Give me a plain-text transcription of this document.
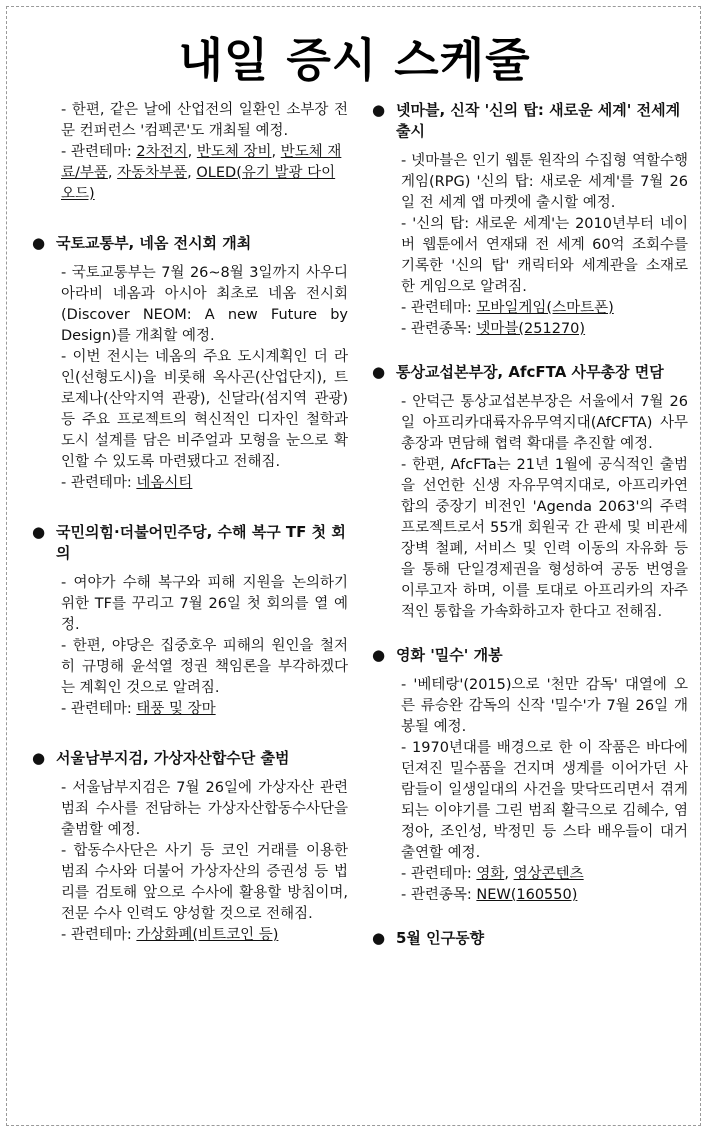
내일 증시 스케줄
- 한편, 같은 날에 산업전의 일환인 소부장 전문 컨퍼런스 '컴펙콘'도 개최될 예정.
- 관련테마: 2차전지, 반도체 장비, 반도체 재료/부품, 자동차부품, OLED(유기 발광 다이오드)
● 국토교통부, 네옴 전시회 개최
- 국토교통부는 7월 26~8월 3일까지 사우디아라비 네옴과 아시아 최초로 네옴 전시회(Discover NEOM: A new Future by Design)를 개최할 예정.
- 이번 전시는 네옴의 주요 도시계획인 더 라인(선형도시)을 비롯해 옥사곤(산업단지), 트로제나(산악지역 관광), 신달라(섬지역 관광) 등 주요 프로젝트의 혁신적인 디자인 철학과 도시 설계를 담은 비주얼과 모형을 눈으로 확인할 수 있도록 마련됐다고 전해짐.
- 관련테마: 네옴시티
● 국민의힘·더불어민주당, 수해 복구 TF 첫 회의
- 여야가 수해 복구와 피해 지원을 논의하기 위한 TF를 꾸리고 7월 26일 첫 회의를 열 예정.
- 한편, 야당은 집중호우 피해의 원인을 철저히 규명해 윤석열 정권 책임론을 부각하겠다는 계획인 것으로 알려짐.
- 관련테마: 태풍 및 장마
● 서울남부지검, 가상자산합수단 출범
- 서울남부지검은 7월 26일에 가상자산 관련 범죄 수사를 전담하는 가상자산합동수사단을 출범할 예정.
- 합동수사단은 사기 등 코인 거래를 이용한 범죄 수사와 더불어 가상자산의 증권성 등 법리를 검토해 앞으로 수사에 활용할 방침이며, 전문 수사 인력도 양성할 것으로 전해짐.
- 관련테마: 가상화폐(비트코인 등)
● 넷마블, 신작 '신의 탑: 새로운 세계' 전세계 출시
- 넷마블은 인기 웹툰 원작의 수집형 역할수행게임(RPG) '신의 탑: 새로운 세계'를 7월 26일 전 세계 앱 마켓에 출시할 예정.
- '신의 탑: 새로운 세계'는 2010년부터 네이버 웹툰에서 연재돼 전 세계 60억 조회수를 기록한 '신의 탑' 캐릭터와 세계관을 소재로 한 게임으로 알려짐.
- 관련테마: 모바일게임(스마트폰)
- 관련종목: 넷마블(251270)
● 통상교섭본부장, AfcFTA 사무총장 면담
- 안덕근 통상교섭본부장은 서울에서 7월 26일 아프리카대륙자유무역지대(AfCFTA) 사무총장과 면담해 협력 확대를 추진할 예정.
- 한편, AfcFTa는 21년 1월에 공식적인 출범을 선언한 신생 자유무역지대로, 아프리카연합의 중장기 비전인 'Agenda 2063'의 주력 프로젝트로서 55개 회원국 간 관세 및 비관세장벽 철폐, 서비스 및 인력 이동의 자유화 등을 통해 단일경제권을 형성하여 공동 번영을 이루고자 하며, 이를 토대로 아프리카의 자주적인 통합을 가속화하고자 한다고 전해짐.
● 영화 '밀수' 개봉
- '베테랑'(2015)으로 '천만 감독' 대열에 오른 류승완 감독의 신작 '밀수'가 7월 26일 개봉될 예정.
- 1970년대를 배경으로 한 이 작품은 바다에 던져진 밀수품을 건지며 생계를 이어가던 사람들이 일생일대의 사건을 맞닥뜨리면서 겪게 되는 이야기를 그린 범죄 활극으로 김혜수, 염정아, 조인성, 박정민 등 스타 배우들이 대거 출연할 예정.
- 관련테마: 영화, 영상콘텐츠
- 관련종목: NEW(160550)
● 5월 인구동향
